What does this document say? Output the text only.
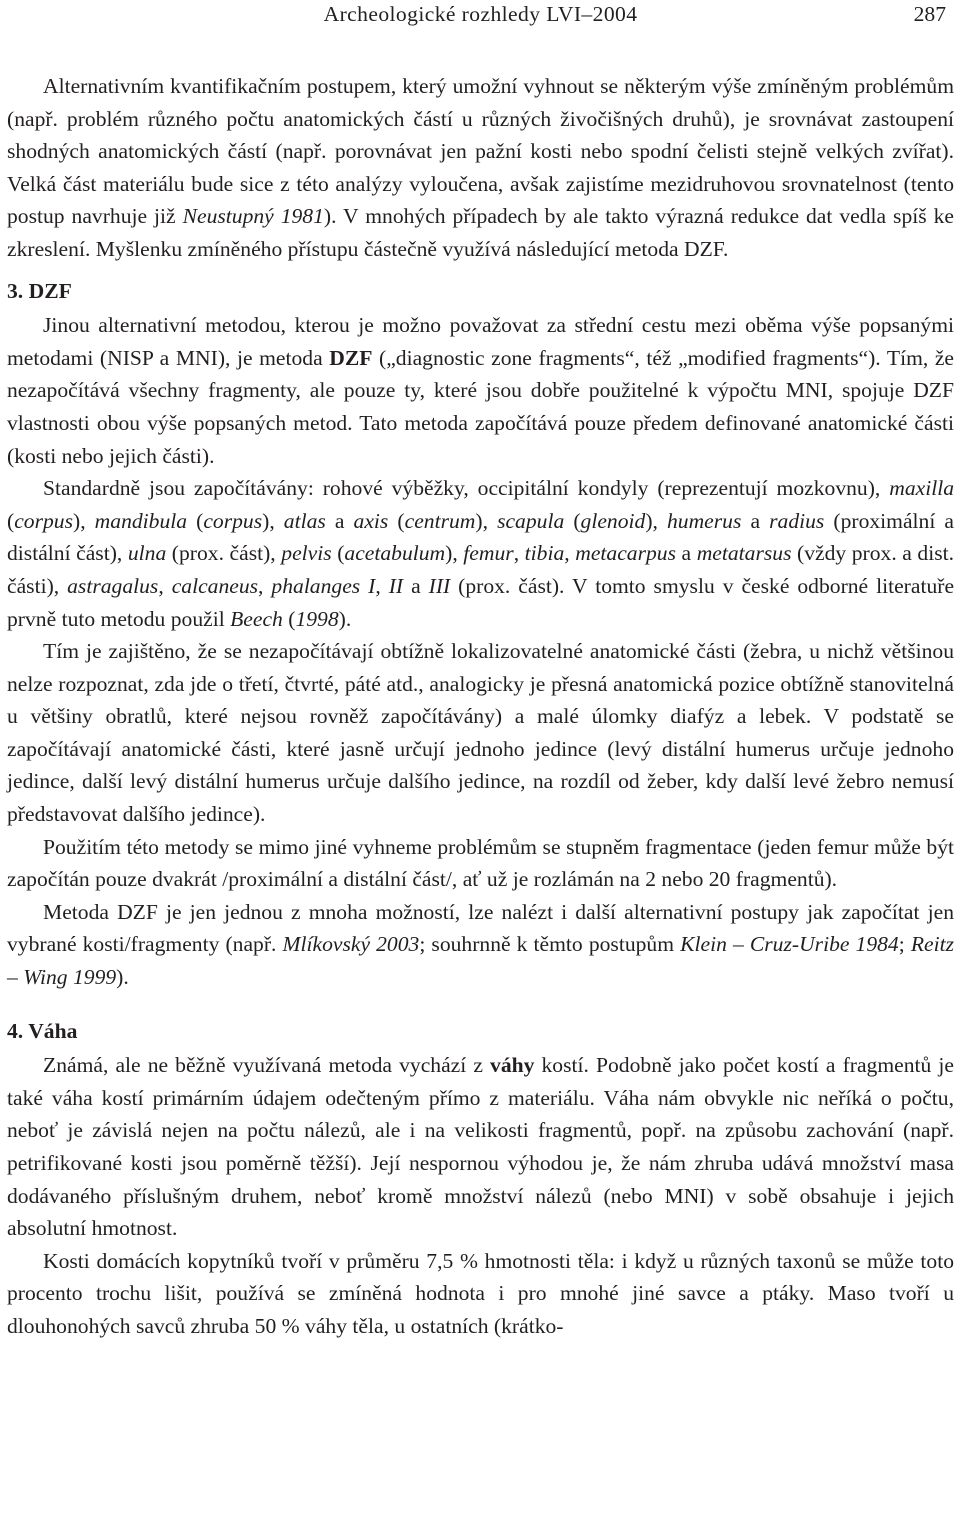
Archeologické rozhledy LVI–2004	287

Alternativním kvantifikačním postupem, který umožní vyhnout se některým výše zmíněným problémům (např. problém různého počtu anatomických částí u různých živočišných druhů), je srovnávat zastoupení shodných anatomických částí (např. porovnávat jen pažní kosti nebo spodní čelisti stejně velkých zvířat). Velká část materiálu bude sice z této analýzy vyloučena, avšak zajistíme mezidruhovou srovnatelnost (tento postup navrhuje již Neustupný 1981). V mnohých případech by ale takto výrazná redukce dat vedla spíš ke zkreslení. Myšlenku zmíněného přístupu částečně využívá následující metoda DZF.

3. DZF

Jinou alternativní metodou, kterou je možno považovat za střední cestu mezi oběma výše popsanými metodami (NISP a MNI), je metoda DZF („diagnostic zone fragments“, též „modified fragments“). Tím, že nezapočítává všechny fragmenty, ale pouze ty, které jsou dobře použitelné k výpočtu MNI, spojuje DZF vlastnosti obou výše popsaných metod. Tato metoda započítává pouze předem definované anatomické části (kosti nebo jejich části).

Standardně jsou započítávány: rohové výběžky, occipitální kondyly (reprezentují mozkovnu), maxilla (corpus), mandibula (corpus), atlas a axis (centrum), scapula (glenoid), humerus a radius (proximální a distální část), ulna (prox. část), pelvis (acetabulum), femur, tibia, metacarpus a metatarsus (vždy prox. a dist. části), astragalus, calcaneus, phalanges I, II a III (prox. část). V tomto smyslu v české odborné literatuře prvně tuto metodu použil Beech (1998).

Tím je zajištěno, že se nezapočítávají obtížně lokalizovatelné anatomické části (žebra, u nichž většinou nelze rozpoznat, zda jde o třetí, čtvrté, páté atd., analogicky je přesná anatomická pozice obtížně stanovitelná u většiny obratlů, které nejsou rovněž započítávány) a malé úlomky diafýz a lebek. V podstatě se započítávají anatomické části, které jasně určují jednoho jedince (levý distální humerus určuje jednoho jedince, další levý distální humerus určuje dalšího jedince, na rozdíl od žeber, kdy další levé žebro nemusí představovat dalšího jedince).

Použitím této metody se mimo jiné vyhneme problémům se stupněm fragmentace (jeden femur může být započítán pouze dvakrát /proximální a distální část/, ať už je rozlámán na 2 nebo 20 fragmentů).

Metoda DZF je jen jednou z mnoha možností, lze nalézt i další alternativní postupy jak započítat jen vybrané kosti/fragmenty (např. Mlíkovský 2003; souhrnně k těmto postupům Klein – Cruz-Uribe 1984; Reitz – Wing 1999).

4. Váha

Známá, ale ne běžně využívaná metoda vychází z váhy kostí. Podobně jako počet kostí a fragmentů je také váha kostí primárním údajem odečteným přímo z materiálu. Váha nám obvykle nic neříká o počtu, neboť je závislá nejen na počtu nálezů, ale i na velikosti fragmentů, popř. na způsobu zachování (např. petrifikované kosti jsou poměrně těžší). Její nespornou výhodou je, že nám zhruba udává množství masa dodávaného příslušným druhem, neboť kromě množství nálezů (nebo MNI) v sobě obsahuje i jejich absolutní hmotnost.

Kosti domácích kopytníků tvoří v průměru 7,5 % hmotnosti těla: i když u různých taxonů se může toto procento trochu lišit, používá se zmíněná hodnota i pro mnohé jiné savce a ptáky. Maso tvoří u dlouhonohých savců zhruba 50 % váhy těla, u ostatních (krátko-
